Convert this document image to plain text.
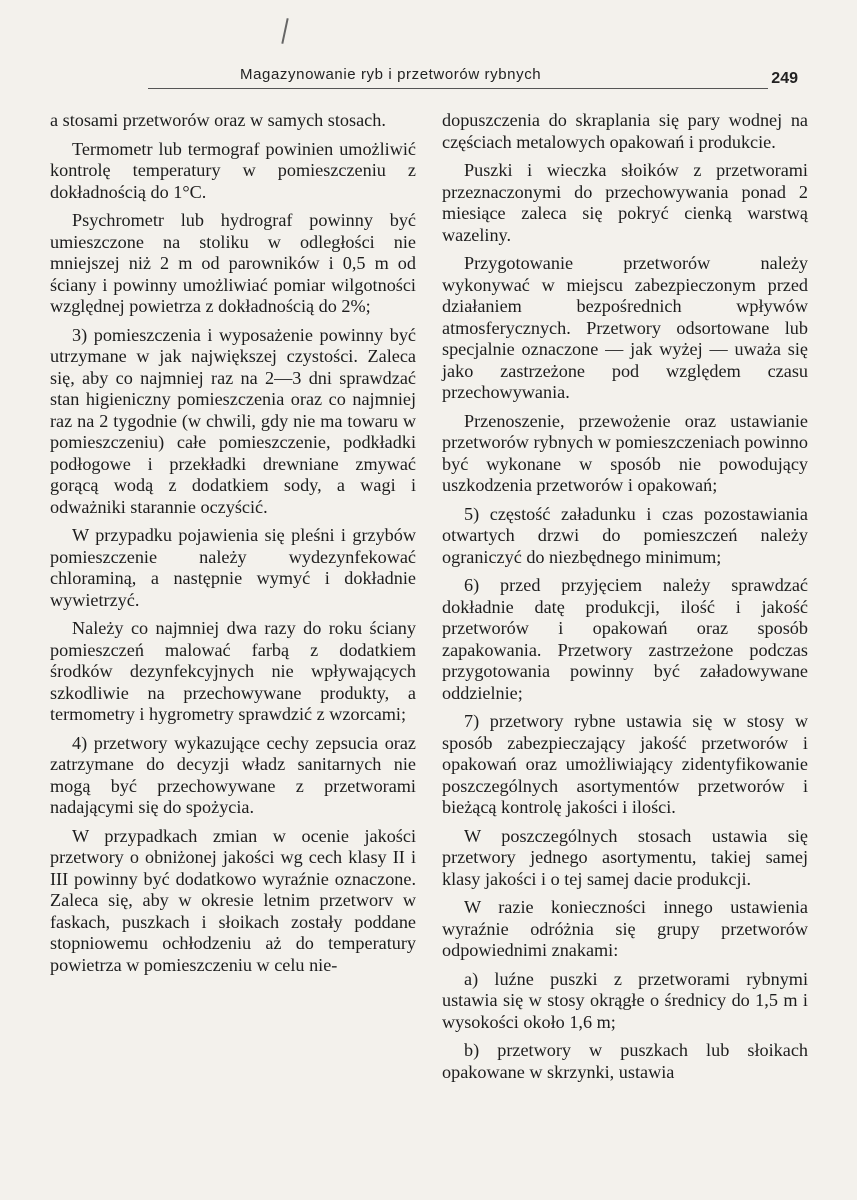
Magazynowanie ryb i przetworów rybnych	249

a stosami przetworów oraz w samych stosach.

Termometr lub termograf powinien umożliwić kontrolę temperatury w pomieszczeniu z dokładnością do 1°C.

Psychrometr lub hydrograf powinny być umieszczone na stoliku w odległości nie mniejszej niż 2 m od parowników i 0,5 m od ściany i powinny umożliwiać pomiar wilgotności względnej powietrza z dokładnością do 2%;

3) pomieszczenia i wyposażenie powinny być utrzymane w jak największej czystości. Zaleca się, aby co najmniej raz na 2—3 dni sprawdzać stan higieniczny pomieszczenia oraz co najmniej raz na 2 tygodnie (w chwili, gdy nie ma towaru w pomieszczeniu) całe pomieszczenie, podkładki podłogowe i przekładki drewniane zmywać gorącą wodą z dodatkiem sody, a wagi i odważniki starannie oczyścić.

W przypadku pojawienia się pleśni i grzybów pomieszczenie należy wydezynfekować chloraminą, a następnie wymyć i dokładnie wywietrzyć.

Należy co najmniej dwa razy do roku ściany pomieszczeń malować farbą z dodatkiem środków dezynfekcyjnych nie wpływających szkodliwie na przechowywane produkty, a termometry i hygrometry sprawdzić z wzorcami;

4) przetwory wykazujące cechy zepsucia oraz zatrzymane do decyzji władz sanitarnych nie mogą być przechowywane z przetworami nadającymi się do spożycia.

W przypadkach zmian w ocenie jakości przetwory o obniżonej jakości wg cech klasy II i III powinny być dodatkowo wyraźnie oznaczone. Zaleca się, aby w okresie letnim przetworv w faskach, puszkach i słoikach zostały poddane stopniowemu ochłodzeniu aż do temperatury powietrza w pomieszczeniu w celu nie-

dopuszczenia do skraplania się pary wodnej na częściach metalowych opakowań i produkcie.

Puszki i wieczka słoików z przetworami przeznaczonymi do przechowywania ponad 2 miesiące zaleca się pokryć cienką warstwą wazeliny.

Przygotowanie przetworów należy wykonywać w miejscu zabezpieczonym przed działaniem bezpośrednich wpływów atmosferycznych. Przetwory odsortowane lub specjalnie oznaczone — jak wyżej — uważa się jako zastrzeżone pod względem czasu przechowywania.

Przenoszenie, przewożenie oraz ustawianie przetworów rybnych w pomieszczeniach powinno być wykonane w sposób nie powodujący uszkodzenia przetworów i opakowań;

5) częstość załadunku i czas pozostawiania otwartych drzwi do pomieszczeń należy ograniczyć do niezbędnego minimum;

6) przed przyjęciem należy sprawdzać dokładnie datę produkcji, ilość i jakość przetworów i opakowań oraz sposób zapakowania. Przetwory zastrzeżone podczas przygotowania powinny być załadowywane oddzielnie;

7) przetwory rybne ustawia się w stosy w sposób zabezpieczający jakość przetworów i opakowań oraz umożliwiający zidentyfikowanie poszczególnych asortymentów przetworów i bieżącą kontrolę jakości i ilości.

W poszczególnych stosach ustawia się przetwory jednego asortymentu, takiej samej klasy jakości i o tej samej dacie produkcji.

W razie konieczności innego ustawienia wyraźnie odróżnia się grupy przetworów odpowiednimi znakami:

a) luźne puszki z przetworami rybnymi ustawia się w stosy okrągłe o średnicy do 1,5 m i wysokości około 1,6 m;

b) przetwory w puszkach lub słoikach opakowane w skrzynki, ustawia
